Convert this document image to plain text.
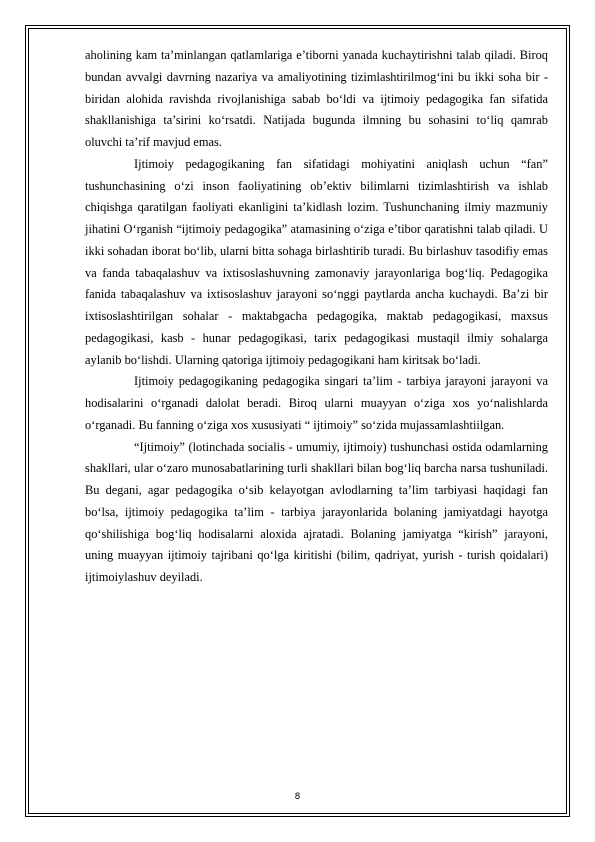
aholining kam ta’minlangan qatlamlariga e’tiborni yanada kuchaytirishni talab qiladi. Biroq bundan avvalgi davrning nazariya va amaliyotining tizimlashtirilmog‘ini bu ikki soha bir - biridan alohida ravishda rivojlanishiga sabab bo‘ldi va ijtimoiy pedagogika fan sifatida shakllanishiga ta’sirini ko‘rsatdi. Natijada bugunda ilmning bu sohasini to‘liq qamrab oluvchi ta’rif mavjud emas.

Ijtimoiy pedagogikaning fan sifatidagi mohiyatini aniqlash uchun “fan” tushunchasining o‘zi inson faoliyatining ob’ektiv bilimlarni tizimlashtirish va ishlab chiqishga qaratilgan faoliyati ekanligini ta’kidlash lozim. Tushunchaning ilmiy mazmuniy jihatini O‘rganish “ijtimoiy pedagogika” atamasining o‘ziga e’tibor qaratishni talab qiladi. U ikki sohadan iborat bo‘lib, ularni bitta sohaga birlashtirib turadi. Bu birlashuv tasodifiy emas va fanda tabaqalashuv va ixtisoslashuvning zamonaviy jarayonlariga bog‘liq. Pedagogika fanida tabaqalashuv va ixtisoslashuv jarayoni so‘nggi paytlarda ancha kuchaydi. Ba’zi bir ixtisoslashtirilgan sohalar - maktabgacha pedagogika, maktab pedagogikasi, maxsus pedagogikasi, kasb - hunar pedagogikasi, tarix pedagogikasi mustaqil ilmiy sohalarga aylanib bo‘lishdi. Ularning qatoriga ijtimoiy pedagogikani ham kiritsak bo‘ladi.

Ijtimoiy pedagogikaning pedagogika singari ta’lim - tarbiya jarayoni jarayoni va hodisalarini o‘rganadi dalolat beradi. Biroq ularni muayyan o‘ziga xos yo‘nalishlarda o‘rganadi. Bu fanning o‘ziga xos xususiyati “ ijtimoiy” so‘zida mujassamlashtiilgan.

“Ijtimoiy” (lotinchada socialis - umumiy, ijtimoiy) tushunchasi ostida odamlarning shakllari, ular o‘zaro munosabatlarining turli shakllari bilan bog‘liq barcha narsa tushuniladi. Bu degani, agar pedagogika o‘sib kelayotgan avlodlarning ta’lim tarbiyasi haqidagi fan bo‘lsa, ijtimoiy pedagogika ta’lim - tarbiya jarayonlarida bolaning jamiyatdagi hayotga qo‘shilishiga bog‘liq hodisalarni aloxida ajratadi. Bolaning jamiyatga “kirish” jarayoni, uning muayyan ijtimoiy tajribani qo‘lga kiritishi (bilim, qadriyat, yurish - turish qoidalari) ijtimoiylashuv deyiladi.

8
